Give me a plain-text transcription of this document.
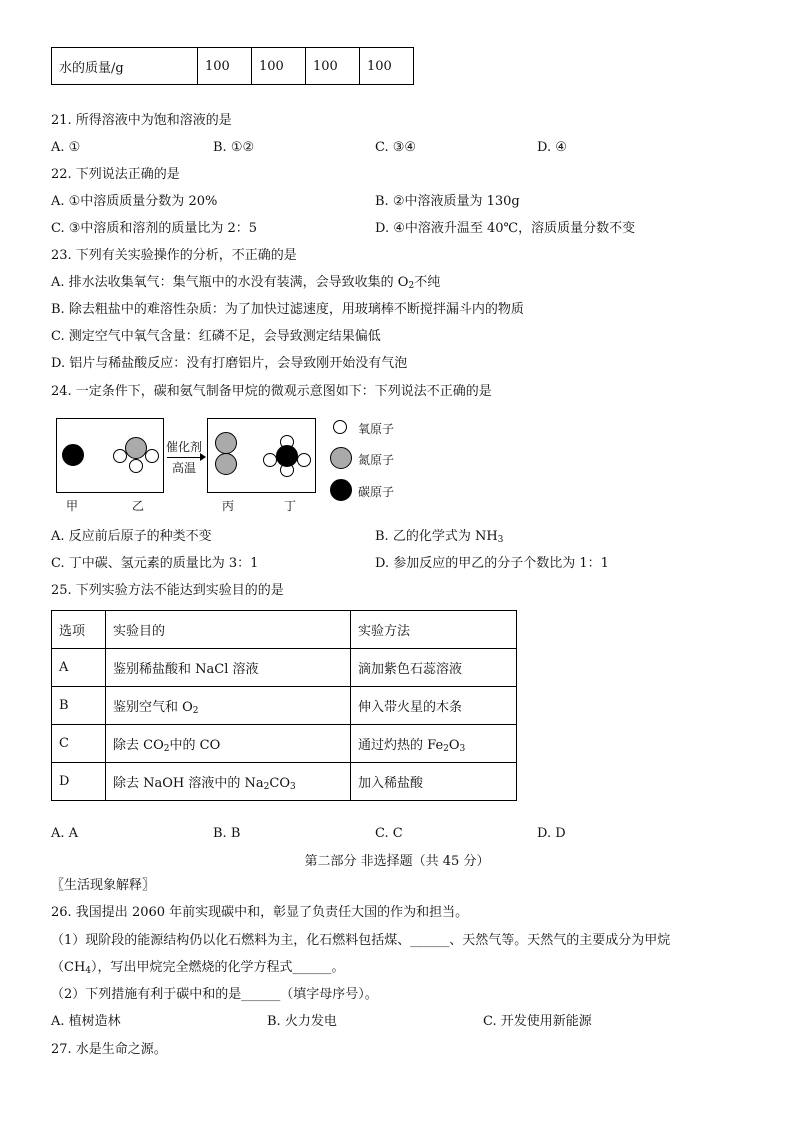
水的质量/g	100	100	100	100
21. 所得溶液中为饱和溶液的是
A. ①	B. ①②	C. ③④	D. ④
22. 下列说法正确的是
A. ①中溶质质量分数为 20%	B. ②中溶液质量为 130g
C. ③中溶质和溶剂的质量比为 2：5	D. ④中溶液升温至 40℃，溶质质量分数不变
23. 下列有关实验操作的分析，不正确的是
A. 排水法收集氧气：集气瓶中的水没有装满，会导致收集的 $O_2$不纯
B. 除去粗盐中的难溶性杂质：为了加快过滤速度，用玻璃棒不断搅拌漏斗内的物质
C. 测定空气中氧气含量：红磷不足，会导致测定结果偏低
D. 铝片与稀盐酸反应：没有打磨铝片，会导致刚开始没有气泡
24. 一定条件下，碳和氨气制备甲烷的微观示意图如下：下列说法不正确的是
催化剂
高温
甲	乙	丙	丁
氧原子
氮原子
碳原子
A. 反应前后原子的种类不变	B. 乙的化学式为 $NH_3$
C. 丁中碳、氢元素的质量比为 3：1	D. 参加反应的甲乙的分子个数比为 1：1
25. 下列实验方法不能达到实验目的的是
选项	实验目的	实验方法
A	鉴别稀盐酸和 NaCl 溶液	滴加紫色石蕊溶液
B	鉴别空气和 $O_2$	伸入带火星的木条
C	除去 $CO_2$中的 CO	通过灼热的 $Fe_2O_3$
D	除去 NaOH 溶液中的 $Na_2CO_3$	加入稀盐酸
A. A	B. B	C. C	D. D
第二部分 非选择题（共 45 分）
〖生活现象解释〗
26. 我国提出 2060 年前实现碳中和，彰显了负责任大国的作为和担当。
（1）现阶段的能源结构仍以化石燃料为主，化石燃料包括煤、______、天然气等。天然气的主要成分为甲烷
$(CH_4)$，写出甲烷完全燃烧的化学方程式______。
（2）下列措施有利于碳中和的是______（填字母序号）。
A. 植树造林	B. 火力发电	C. 开发使用新能源
27. 水是生命之源。
